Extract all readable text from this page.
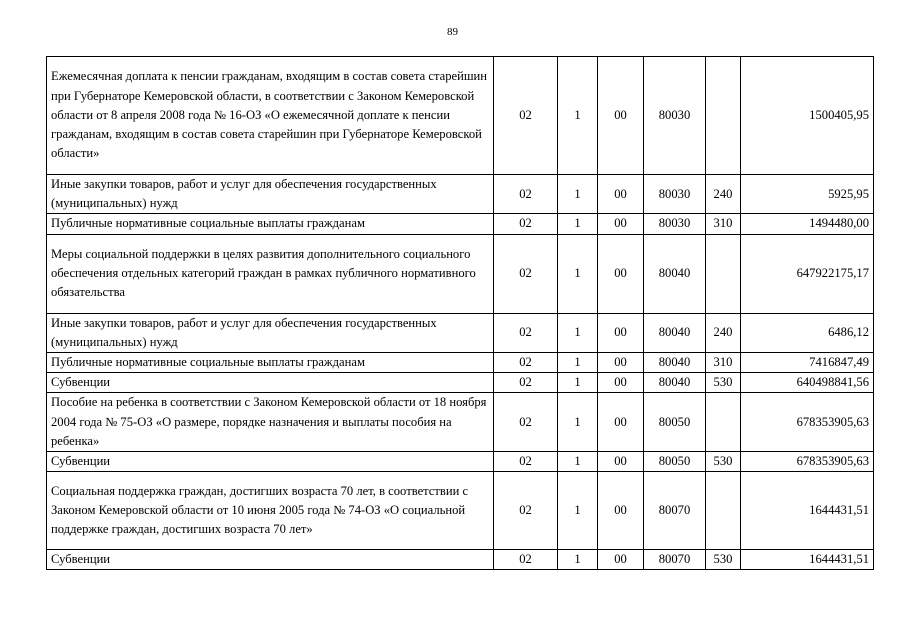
89
Ежемесячная доплата к пенсии гражданам, входящим в состав совета старейшин при Губернаторе Кемеровской области, в соответствии с Законом Кемеровской области от 8 апреля 2008 года № 16-ОЗ «О ежемесячной доплате к пенсии гражданам, входящим в состав совета старейшин при Губернаторе Кемеровской области»	02	1	00	80030		1500405,95
Иные закупки товаров, работ и услуг для обеспечения государственных (муниципальных) нужд	02	1	00	80030	240	5925,95
Публичные нормативные социальные выплаты гражданам	02	1	00	80030	310	1494480,00
Меры социальной поддержки в целях развития дополнительного социального обеспечения отдельных категорий граждан в рамках публичного нормативного обязательства	02	1	00	80040		647922175,17
Иные закупки товаров, работ и услуг для обеспечения государственных (муниципальных) нужд	02	1	00	80040	240	6486,12
Публичные нормативные социальные выплаты гражданам	02	1	00	80040	310	7416847,49
Субвенции	02	1	00	80040	530	640498841,56
Пособие на ребенка в соответствии с Законом Кемеровской области от 18 ноября 2004 года № 75-ОЗ «О размере, порядке назначения и выплаты пособия на ребенка»	02	1	00	80050		678353905,63
Субвенции	02	1	00	80050	530	678353905,63
Социальная поддержка граждан, достигших возраста 70 лет, в соответствии с Законом Кемеровской области от 10 июня 2005 года № 74-ОЗ «О социальной поддержке граждан, достигших возраста 70 лет»	02	1	00	80070		1644431,51
Субвенции	02	1	00	80070	530	1644431,51
